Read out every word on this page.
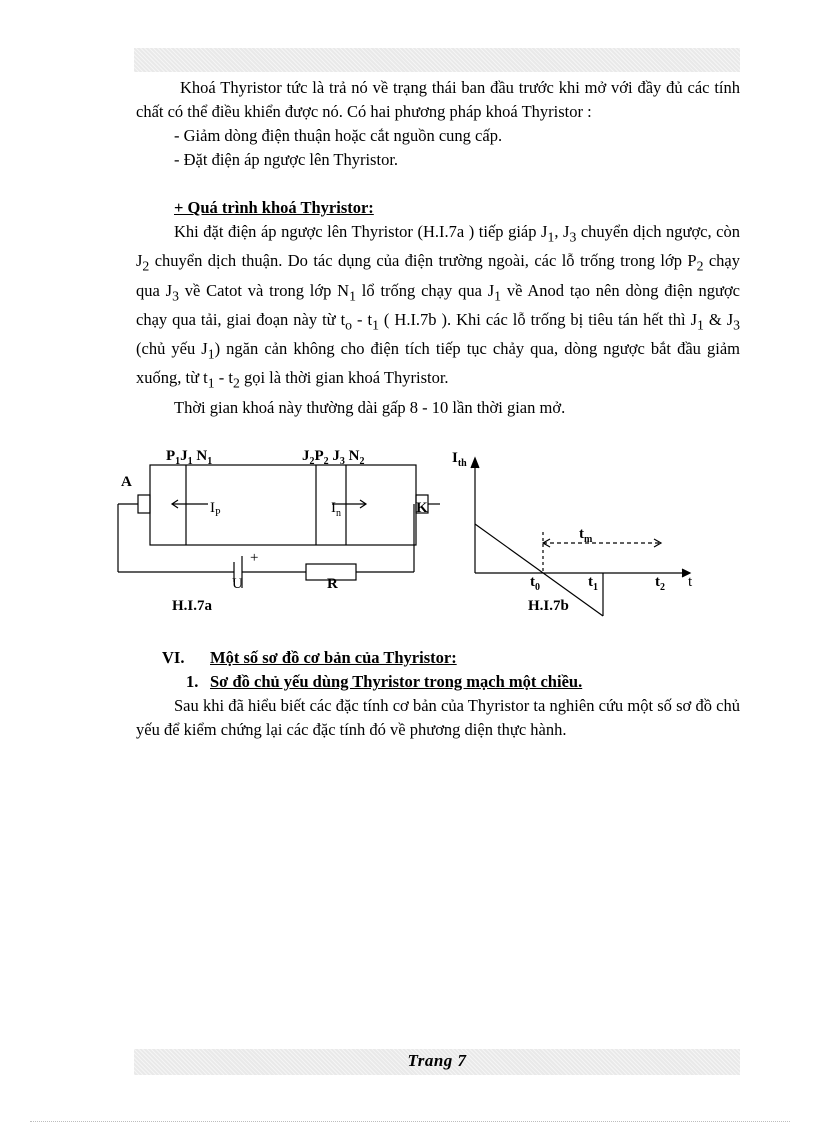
Khoá Thyristor tức là trả nó về trạng thái ban đầu trước khi mở với đầy đủ các tính chất có thể điều khiển được nó. Có hai phương pháp khoá Thyristor :

- Giảm dòng điện thuận hoặc cắt nguồn cung cấp.

- Đặt điện áp ngược lên Thyristor.

+ Quá trình khoá Thyristor:

Khi đặt điện áp ngược lên Thyristor (H.I.7a ) tiếp giáp $J_1$, $J_3$ chuyển dịch ngược, còn $J_2$ chuyển dịch thuận. Do tác dụng của điện trường ngoài, các lỗ trống trong lớp $P_2$ chạy qua $J_3$ về Catot và trong lớp $N_1$ lổ trống chạy qua $J_1$ về Anod tạo nên dòng điện ngược chạy qua tải, giai đoạn này từ $t_o - t_1$ ( H.I.7b ). Khi các lỗ trống bị tiêu tán hết thì $J_1$ & $J_3$ (chủ yếu $J_1$) ngăn cản không cho điện tích tiếp tục chảy qua, dòng ngược bắt đầu giảm xuống, từ $t_1 - t_2$ gọi là thời gian khoá Thyristor.

Thời gian khoá này thường dài gấp 8 - 10 lần thời gian mở.

$P_1J_1$ $N_1$	$J_2P_2$ $J_3$ $N_2$
A
K
$I_P$	$I_n$
+
U	R
H.I.7a
$I_{th}$
t
$t_0$	$t_1$	$t_2$
$t_m$
H.I.7b

VI. Một số sơ đồ cơ bản của Thyristor:

1. Sơ đồ chủ yếu dùng Thyristor trong mạch một chiều.

Sau khi đã hiểu biết các đặc tính cơ bản của Thyristor ta nghiên cứu một số sơ đồ chủ yếu để kiểm chứng lại các đặc tính đó về phương diện thực hành.

Trang 7
